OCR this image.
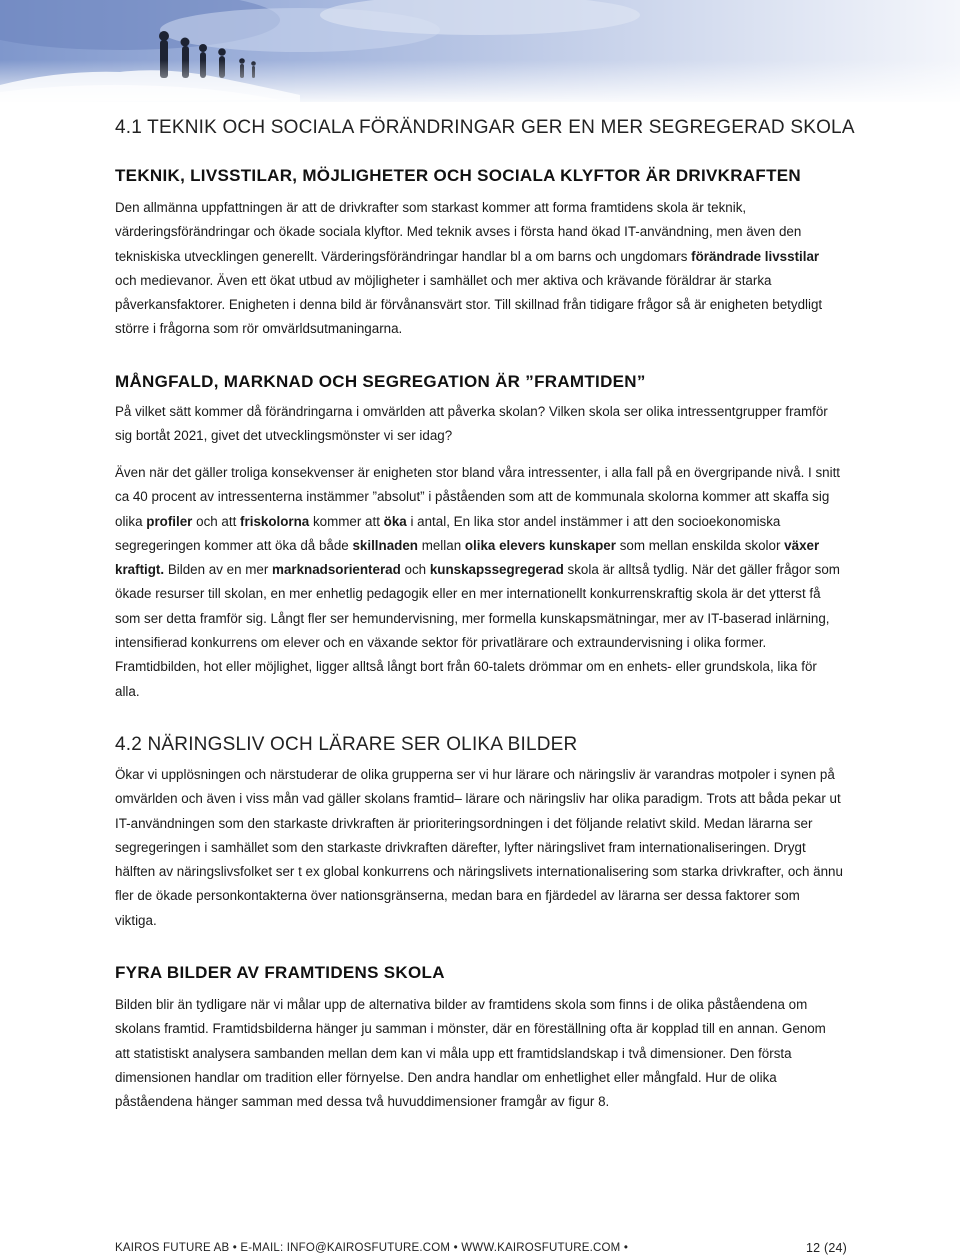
4.1 TEKNIK OCH SOCIALA FÖRÄNDRINGAR GER EN MER SEGREGERAD SKOLA
TEKNIK, LIVSSTILAR, MÖJLIGHETER OCH SOCIALA KLYFTOR ÄR DRIVKRAFTEN

Den allmänna uppfattningen är att de drivkrafter som starkast kommer att forma framtidens skola är teknik, värderingsförändringar och ökade sociala klyftor. Med teknik avses i första hand ökad IT-användning, men även den tekniskiska utvecklingen generellt. Värderingsförändringar handlar bl a om barns och ungdomars förändrade livsstilar och medievanor. Även ett ökat utbud av möjligheter i samhället och mer aktiva och krävande föräldrar är starka påverkansfaktorer. Enigheten i denna bild är förvånansvärt stor. Till skillnad från tidigare frågor så är enigheten betydligt större i frågorna som rör omvärldsutmaningarna.

MÅNGFALD, MARKNAD OCH SEGREGATION ÄR ”FRAMTIDEN”

På vilket sätt kommer då förändringarna i omvärlden att påverka skolan? Vilken skola ser olika intressentgrupper framför sig bortåt 2021, givet det utvecklingsmönster vi ser idag?

Även när det gäller troliga konsekvenser är enigheten stor bland våra intressenter, i alla fall på en övergripande nivå. I snitt ca 40 procent av intressenterna instämmer ”absolut” i påståenden som att de kommunala skolorna kommer att skaffa sig olika profiler och att friskolorna kommer att öka i antal, En lika stor andel instämmer i att den socioekonomiska segregeringen kommer att öka då både skillnaden mellan olika elevers kunskaper som mellan enskilda skolor växer kraftigt. Bilden av en mer marknadsorienterad och kunskapssegregerad skola är alltså tydlig. När det gäller frågor som ökade resurser till skolan, en mer enhetlig pedagogik eller en mer internationellt konkurrenskraftig skola är det ytterst få som ser detta framför sig. Långt fler ser hemundervisning, mer formella kunskapsmätningar, mer av IT-baserad inlärning, intensifierad konkurrens om elever och en växande sektor för privatlärare och extraundervisning i olika former. Framtidbilden, hot eller möjlighet, ligger alltså långt bort från 60-talets drömmar om en enhets- eller grundskola, lika för alla.

4.2 NÄRINGSLIV OCH LÄRARE SER OLIKA BILDER

Ökar vi upplösningen och närstuderar de olika grupperna ser vi hur lärare och näringsliv är varandras motpoler i synen på omvärlden och även i viss mån vad gäller skolans framtid– lärare och näringsliv har olika paradigm. Trots att båda pekar ut IT-användningen som den starkaste drivkraften är prioriteringsordningen i det följande relativt skild. Medan lärarna ser segregeringen i samhället som den starkaste drivkraften därefter, lyfter näringslivet fram internationaliseringen. Drygt hälften av näringslivsfolket ser t ex global konkurrens och näringslivets internationalisering som starka drivkrafter, och ännu fler de ökade personkontakterna över nationsgränserna, medan bara en fjärdedel av lärarna ser dessa faktorer som viktiga.

FYRA BILDER AV FRAMTIDENS SKOLA

Bilden blir än tydligare när vi målar upp de alternativa bilder av framtidens skola som finns i de olika påståendena om skolans framtid. Framtidsbilderna hänger ju samman i mönster, där en föreställning ofta är kopplad till en annan. Genom att statistiskt analysera sambanden mellan dem kan vi måla upp ett framtidslandskap i två dimensioner. Den första dimensionen handlar om tradition eller förnyelse. Den andra handlar om enhetlighet eller mångfald. Hur de olika påståendena hänger samman med dessa två huvuddimensioner framgår av figur 8.

KAIROS FUTURE AB • E-MAIL: INFO@KAIROSFUTURE.COM • WWW.KAIROSFUTURE.COM •	12 (24)
